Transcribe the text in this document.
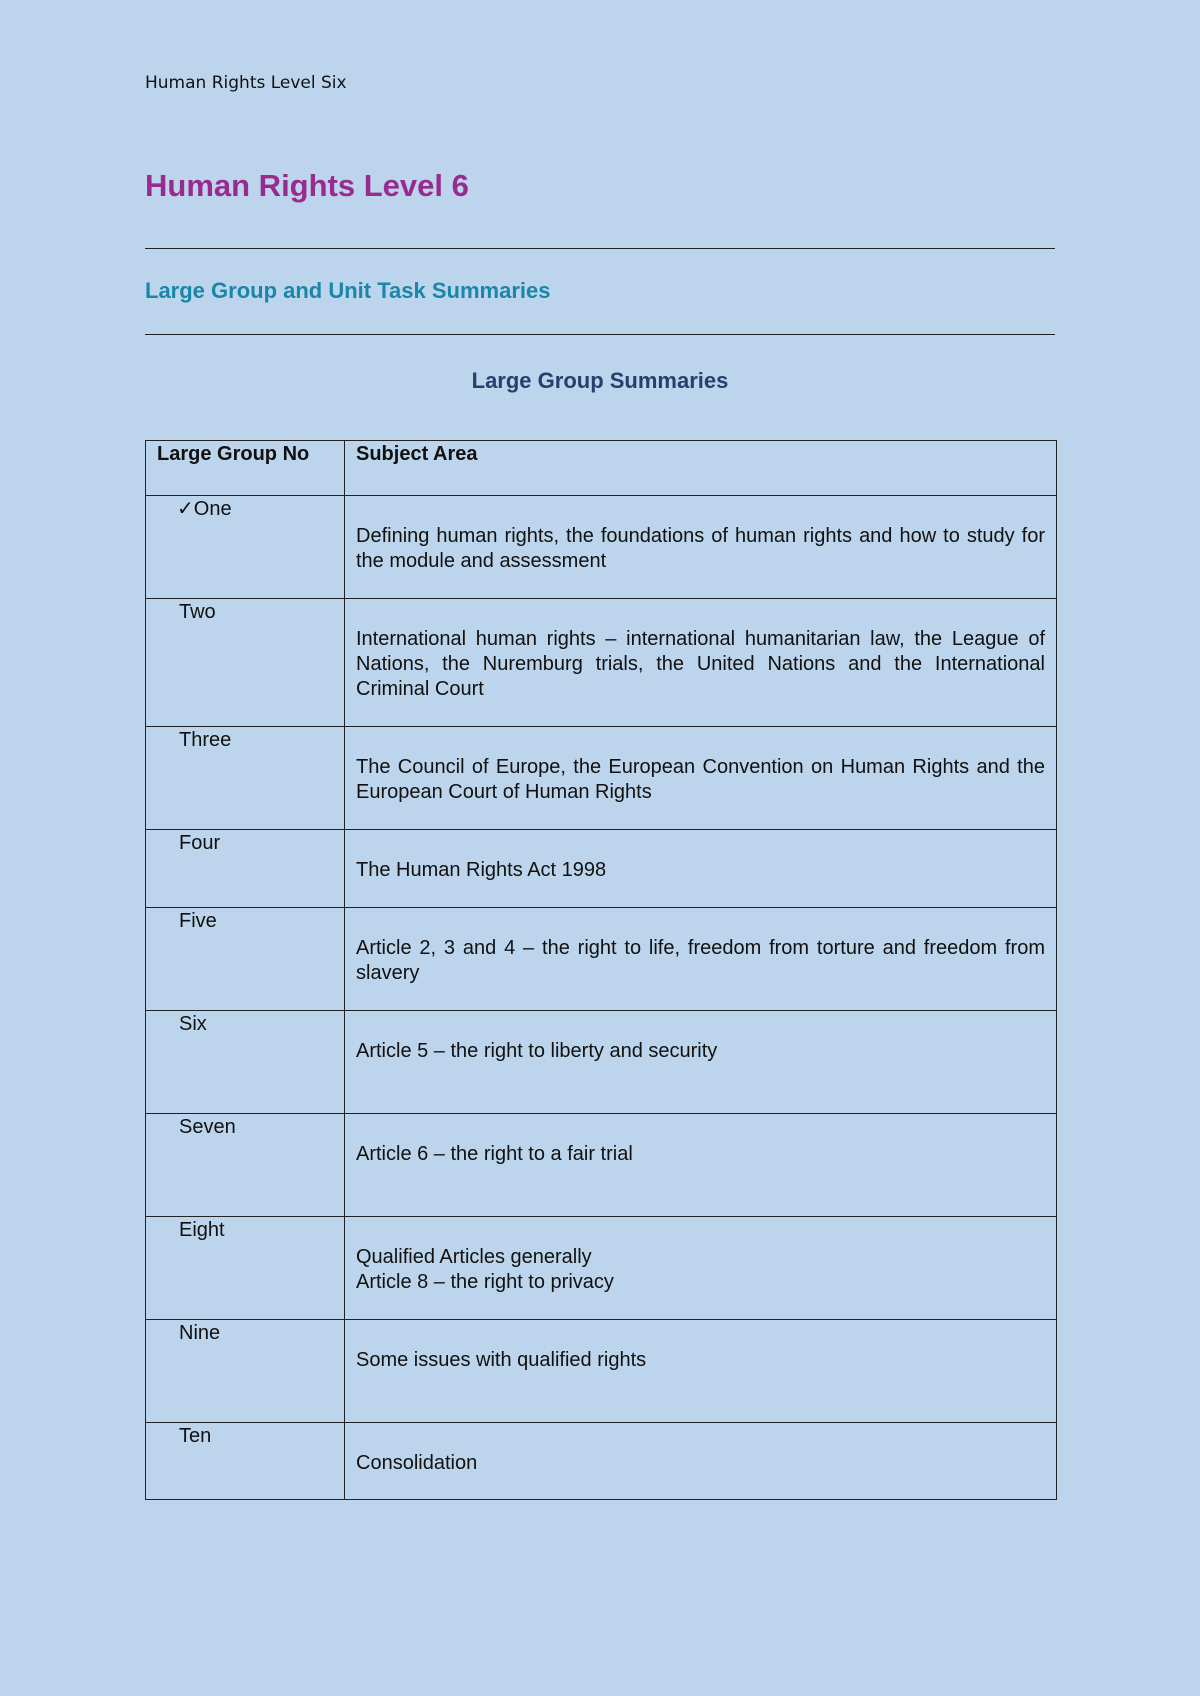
Human Rights Level Six
Human Rights Level 6
Large Group and Unit Task Summaries
Large Group Summaries
Large Group No	Subject Area
✓One	Defining human rights, the foundations of human rights and how to study for the module and assessment

Two	International human rights – international humanitarian law, the League of Nations, the Nuremburg trials, the United Nations and the International Criminal Court

Three	The Council of Europe, the European Convention on Human Rights and the European Court of Human Rights

Four	The Human Rights Act 1998

Five	Article 2, 3 and 4 – the right to life, freedom from torture and freedom from slavery

Six	Article 5 – the right to liberty and security

Seven	Article 6 – the right to a fair trial

Eight	Qualified Articles generally
Article 8 – the right to privacy

Nine	Some issues with qualified rights

Ten	Consolidation
